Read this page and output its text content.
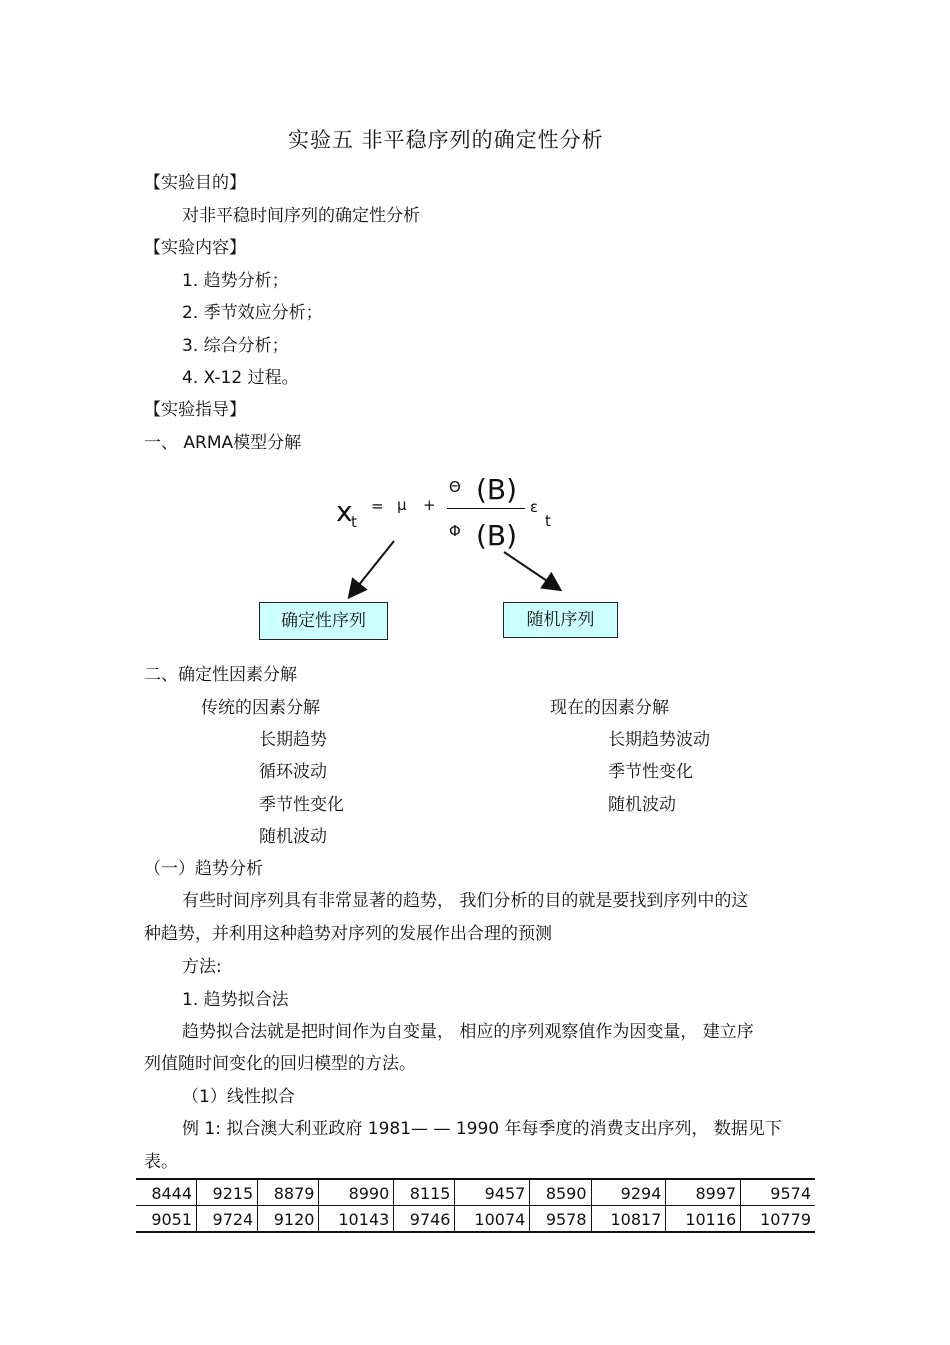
实验五 非平稳序列的确定性分析
【实验目的】
对非平稳时间序列的确定性分析
【实验内容】
1. 趋势分析；
2. 季节效应分析；
3. 综合分析；
4. X-12 过程。
【实验指导】
一、 ARMA模型分解
x
t
= μ +
Θ (B)
Φ (B)
ε
t
确定性序列	随机序列
二、确定性因素分解
传统的因素分解	现在的因素分解
长期趋势
循环波动
季节性变化
随机波动
长期趋势波动
季节性变化
随机波动
（一）趋势分析
有些时间序列具有非常显著的趋势， 我们分析的目的就是要找到序列中的这
种趋势，并利用这种趋势对序列的发展作出合理的预测
方法:
1. 趋势拟合法
趋势拟合法就是把时间作为自变量， 相应的序列观察值作为因变量， 建立序
列值随时间变化的回归模型的方法。
（1）线性拟合
例 1: 拟合澳大利亚政府 1981— — 1990 年每季度的消费支出序列， 数据见下
表。
8444	9215	8879	8990	8115	9457	8590	9294	8997	9574
9051	9724	9120	10143	9746	10074	9578	10817	10116	10779
